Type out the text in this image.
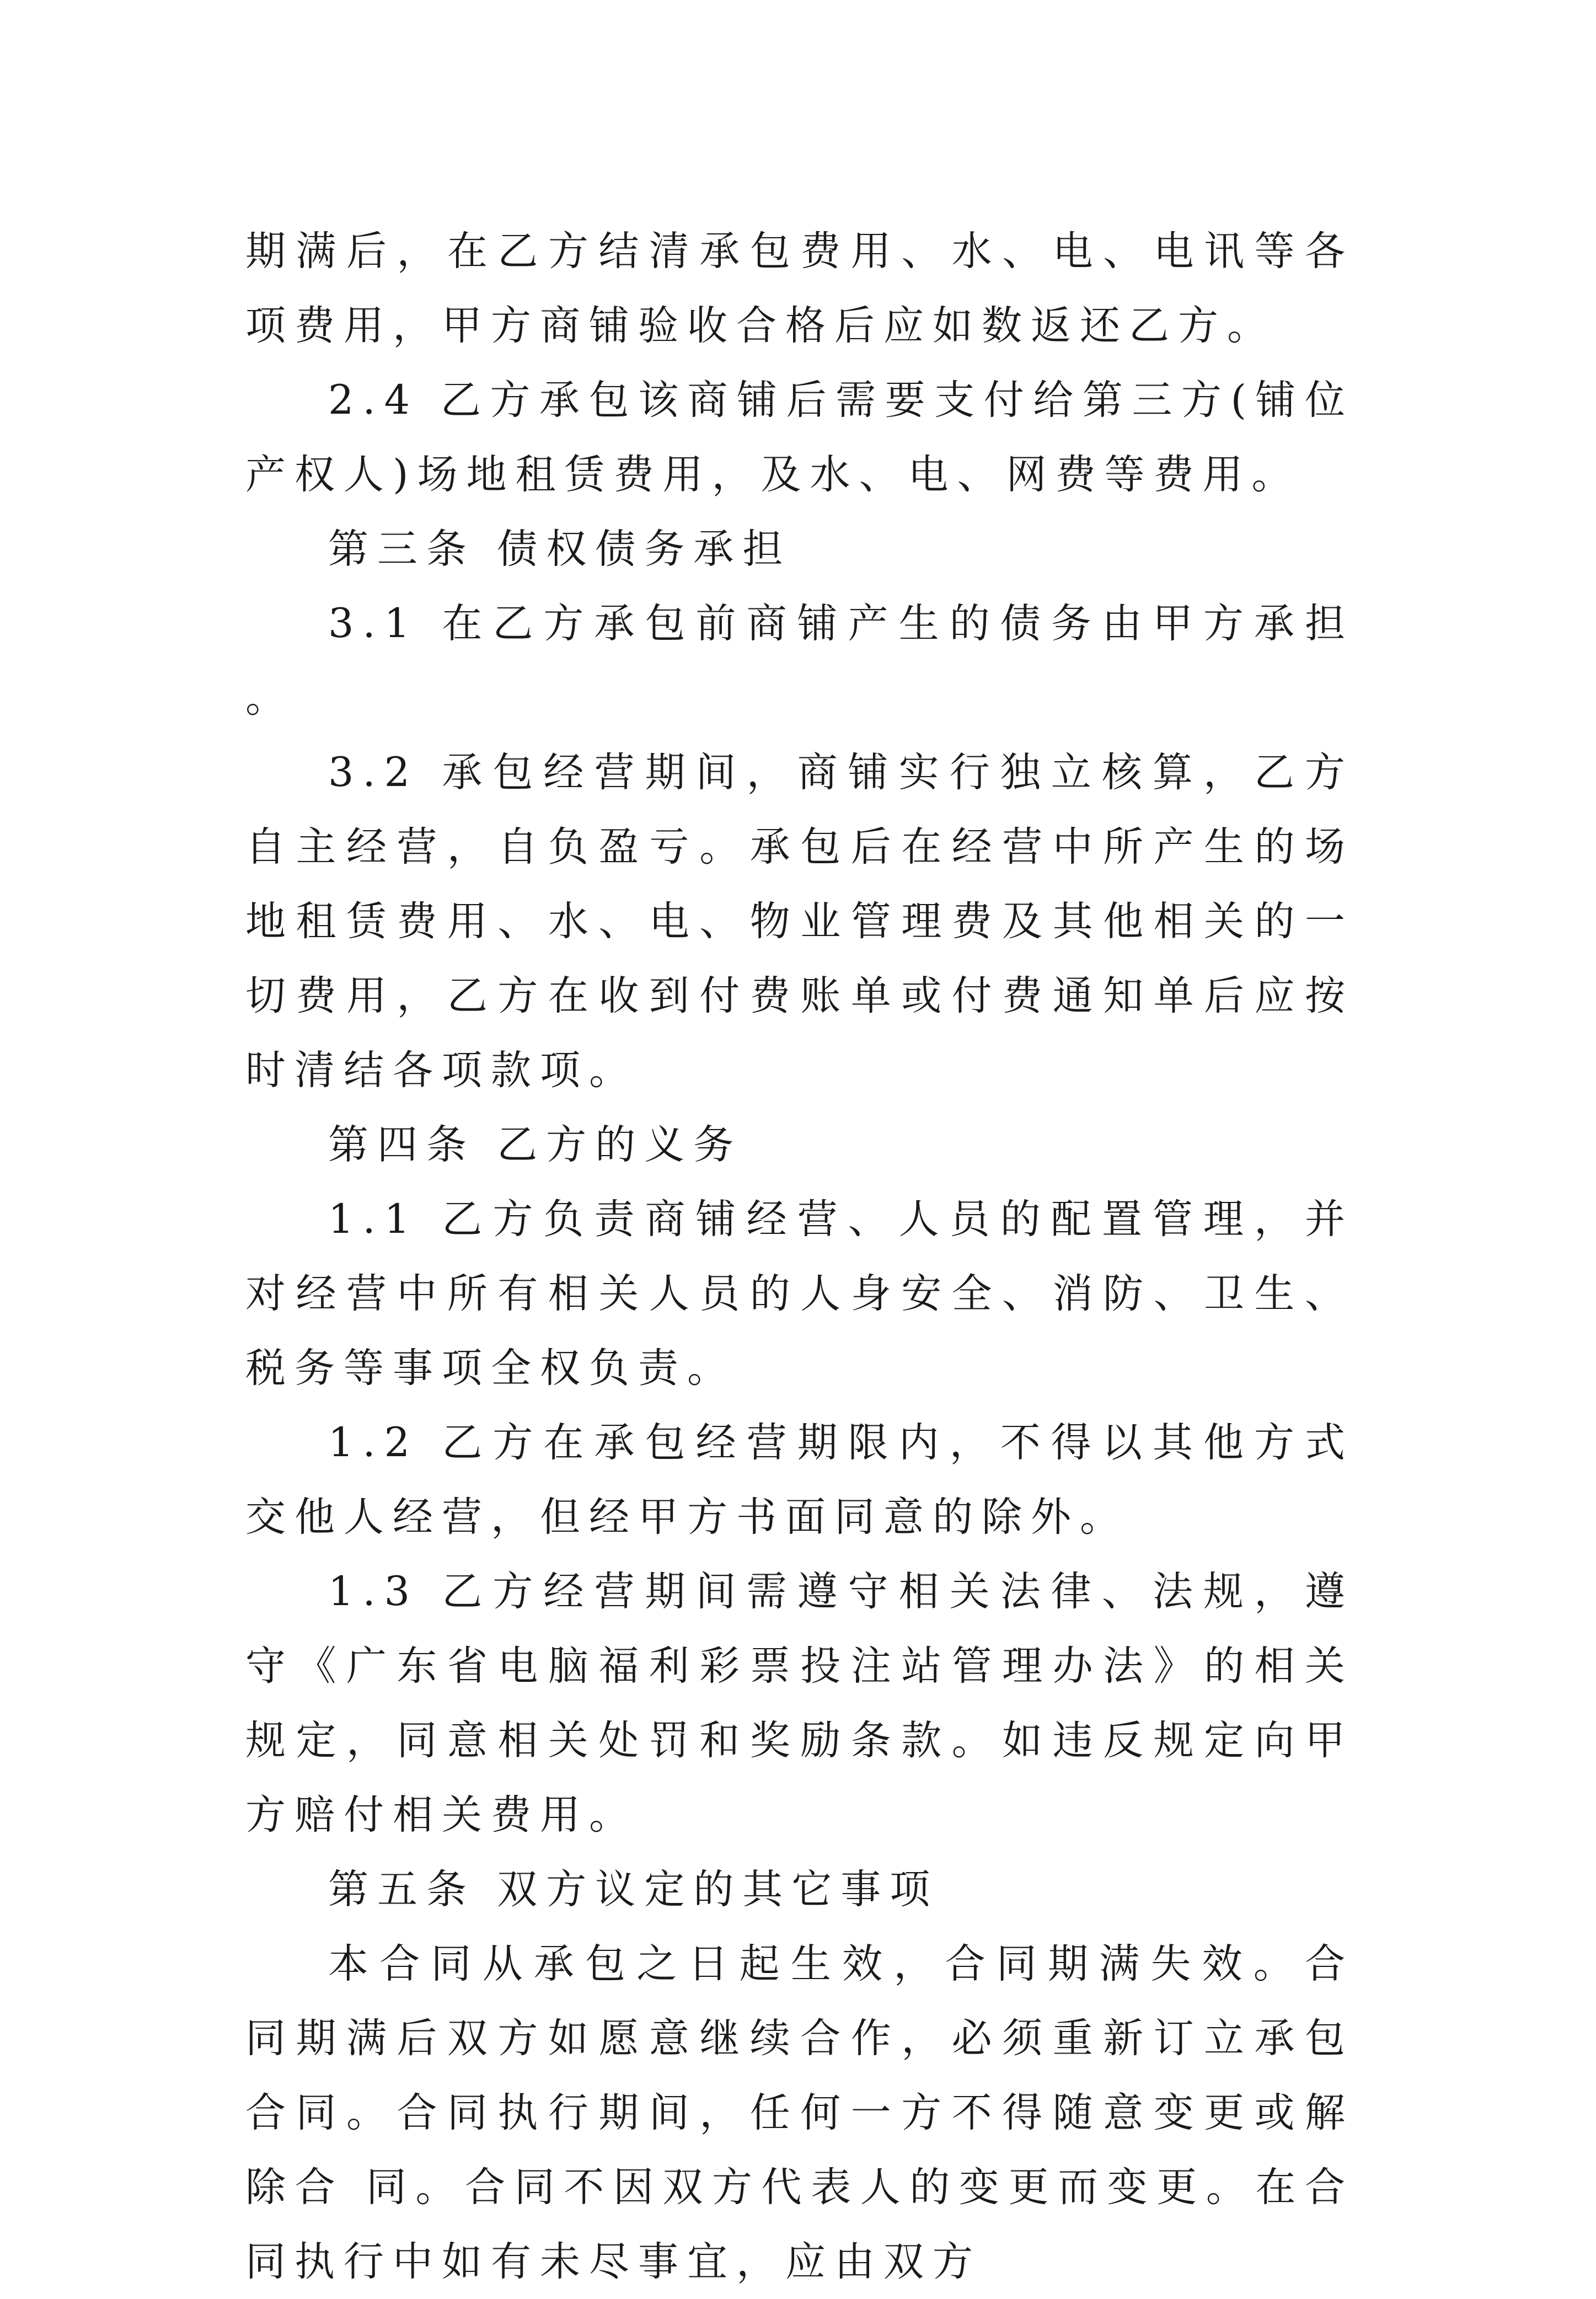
期满后，在乙方结清承包费用、水、电、电讯等各项费用，甲方商铺验收合格后应如数返还乙方。

2.4 乙方承包该商铺后需要支付给第三方(铺位产权人)场地租赁费用，及水、电、网费等费用。

第三条 债权债务承担

3.1 在乙方承包前商铺产生的债务由甲方承担。

3.2 承包经营期间，商铺实行独立核算，乙方自主经营，自负盈亏。承包后在经营中所产生的场地租赁费用、水、电、物业管理费及其他相关的一切费用，乙方在收到付费账单或付费通知单后应按时清结各项款项。

第四条 乙方的义务

1.1 乙方负责商铺经营、人员的配置管理，并对经营中所有相关人员的人身安全、消防、卫生、税务等事项全权负责。

1.2 乙方在承包经营期限内，不得以其他方式交他人经营，但经甲方书面同意的除外。

1.3 乙方经营期间需遵守相关法律、法规，遵守《广东省电脑福利彩票投注站管理办法》的相关规定，同意相关处罚和奖励条款。如违反规定向甲方赔付相关费用。

第五条 双方议定的其它事项

本合同从承包之日起生效，合同期满失效。合同期满后双方如愿意继续合作，必须重新订立承包合同。合同执行期间，任何一方不得随意变更或解除合 同。合同不因双方代表人的变更而变更。在合同执行中如有未尽事宜，应由双方
